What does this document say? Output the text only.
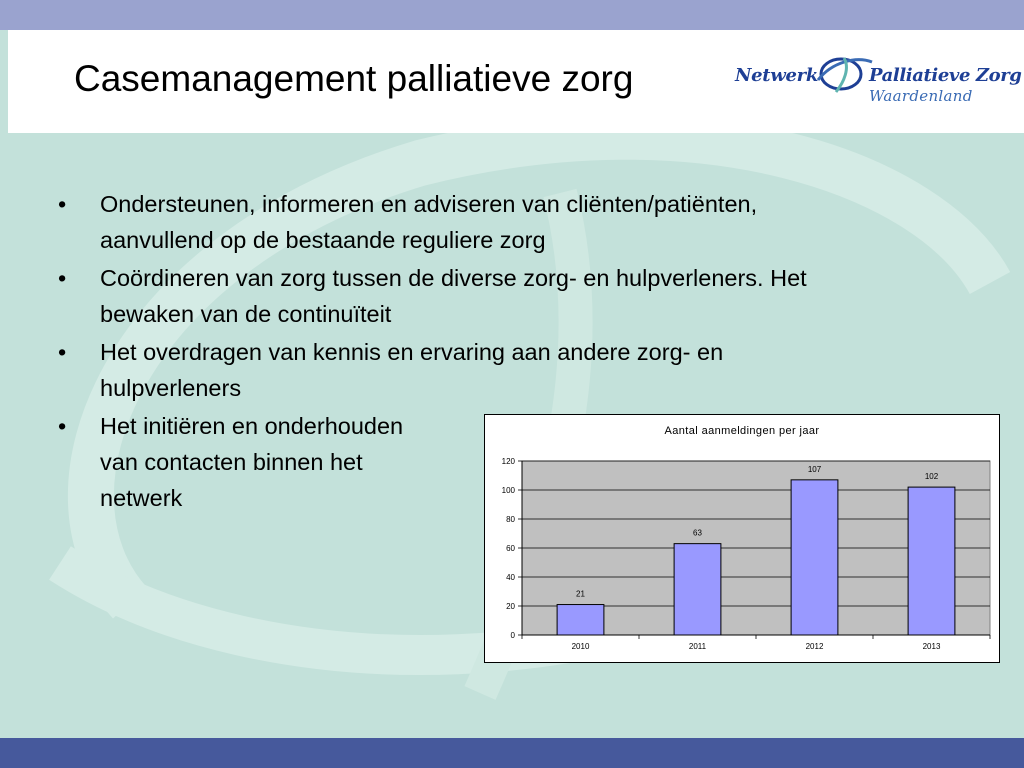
Casemanagement palliatieve zorg	Netwerk	Palliatieve Zorg
Waardenland
• Ondersteunen, informeren en adviseren van cliënten/patiënten,
aanvullend op de bestaande reguliere zorg
• Coördineren van zorg tussen de diverse zorg- en hulpverleners. Het
bewaken van de continuïteit
• Het overdragen van kennis en ervaring aan andere zorg- en
hulpverleners
• Het initiëren en onderhouden
van contacten binnen het
netwerk
Aantal aanmeldingen per jaar
0
20
40
60
80
100
120
21
2010
63
2011
107
2012
102
2013
